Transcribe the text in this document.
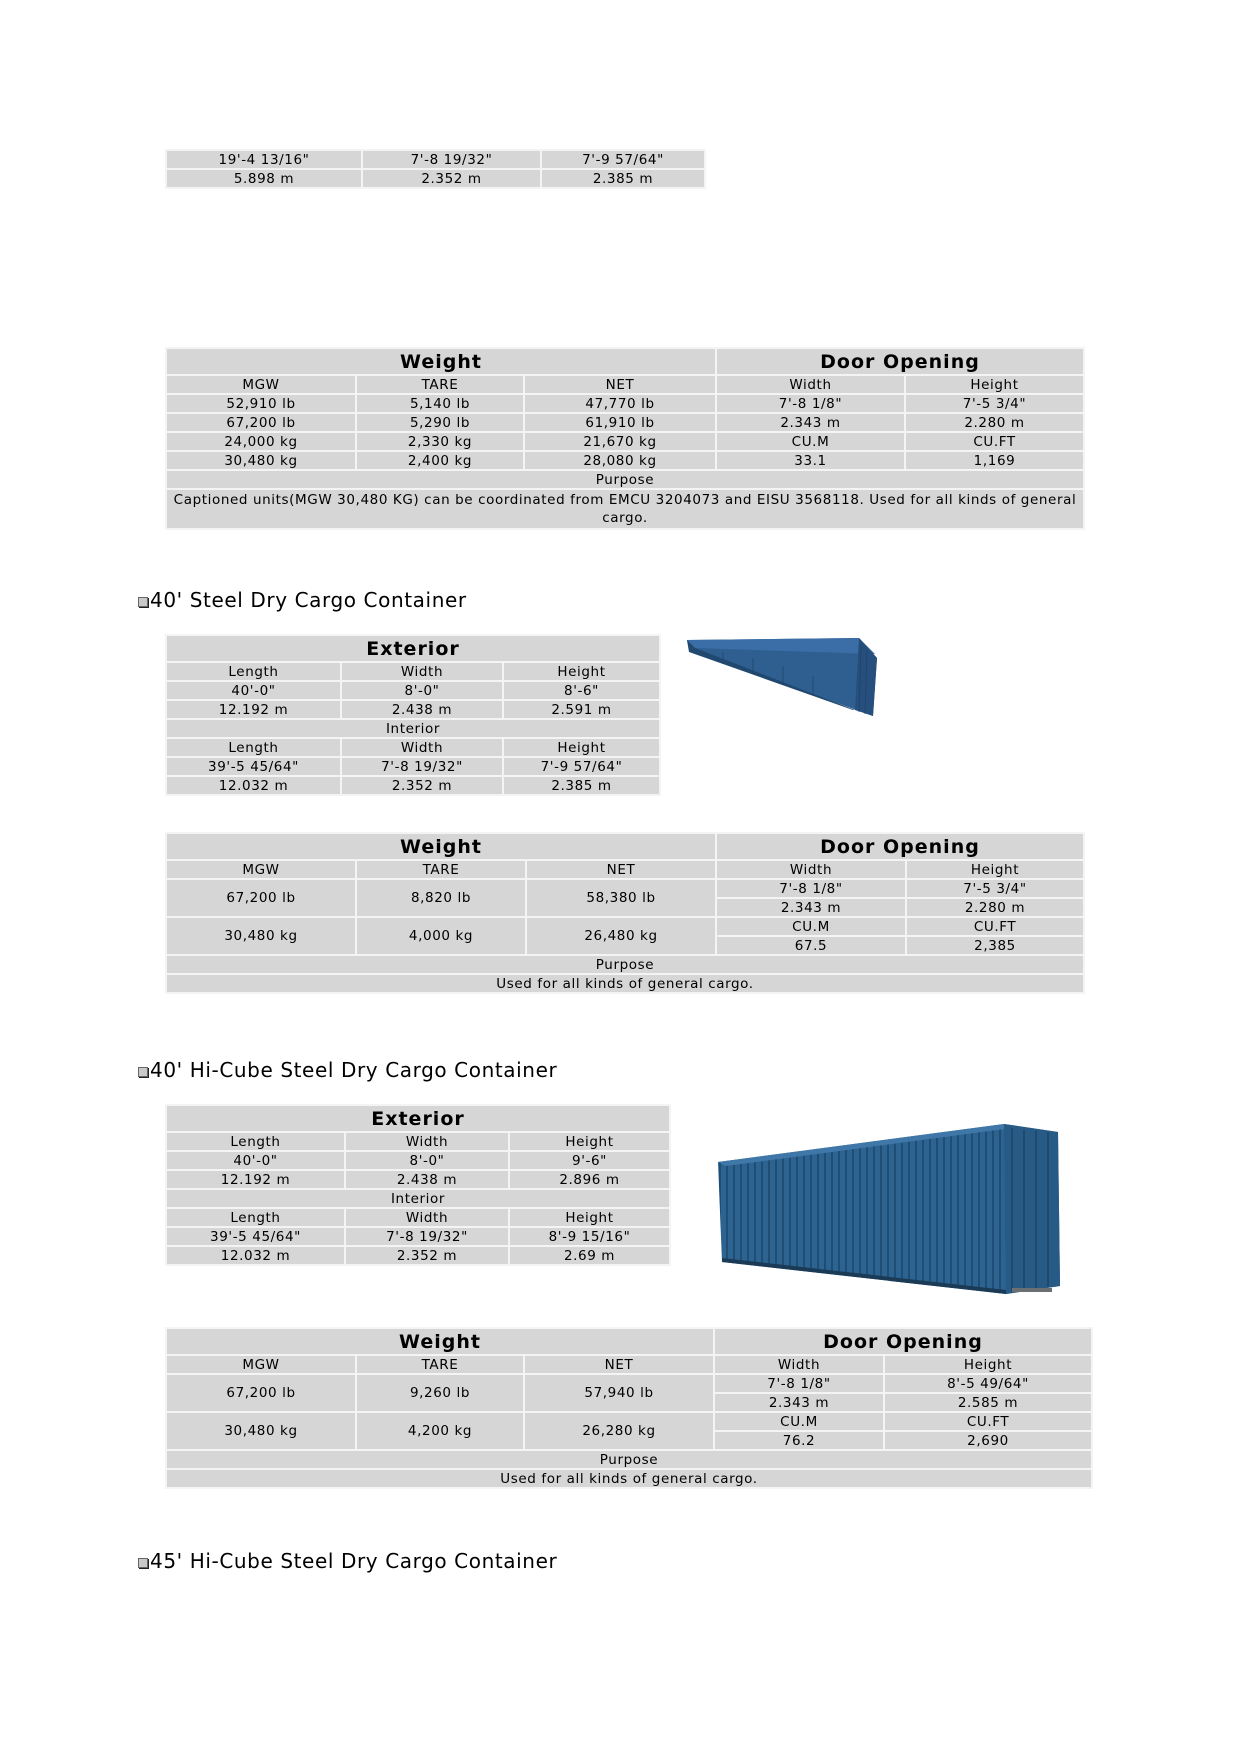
19'-4 13/16"	7'-8 19/32"	7'-9 57/64"
5.898 m	2.352 m	2.385 m
Weight			Door Opening	
MGW	TARE	NET	Width	Height
52,910 lb	5,140 lb	47,770 lb	7'-8 1/8"	7'-5 3/4"
67,200 lb	5,290 lb	61,910 lb	2.343 m	2.280 m
24,000 kg	2,330 kg	21,670 kg	CU.M	CU.FT
30,480 kg	2,400 kg	28,080 kg	33.1	1,169
Purpose				
Captioned units(MGW 30,480 KG) can be coordinated from EMCU 3204073 and EISU 3568118. Used for all kinds of general cargo.				
40' Steel Dry Cargo Container
Exterior		
Length	Width	Height
40'-0"	8'-0"	8'-6"
12.192 m	2.438 m	2.591 m
Interior		
Length	Width	Height
39'-5 45/64"	7'-8 19/32"	7'-9 57/64"
12.032 m	2.352 m	2.385 m
Weight			Door Opening	
MGW	TARE	NET	Width	Height
67,200 lb	8,820 lb	58,380 lb	7'-8 1/8"	7'-5 3/4"
			2.343 m	2.280 m
30,480 kg	4,000 kg	26,480 kg	CU.M	CU.FT
			67.5	2,385
Purpose				
Used for all kinds of general cargo.				
40' Hi-Cube Steel Dry Cargo Container
Exterior		
Length	Width	Height
40'-0"	8'-0"	9'-6"
12.192 m	2.438 m	2.896 m
Interior		
Length	Width	Height
39'-5 45/64"	7'-8 19/32"	8'-9 15/16"
12.032 m	2.352 m	2.69 m
Weight			Door Opening	
MGW	TARE	NET	Width	Height
67,200 lb	9,260 lb	57,940 lb	7'-8 1/8"	8'-5 49/64"
			2.343 m	2.585 m
30,480 kg	4,200 kg	26,280 kg	CU.M	CU.FT
			76.2	2,690
Purpose				
Used for all kinds of general cargo.				
45' Hi-Cube Steel Dry Cargo Container
